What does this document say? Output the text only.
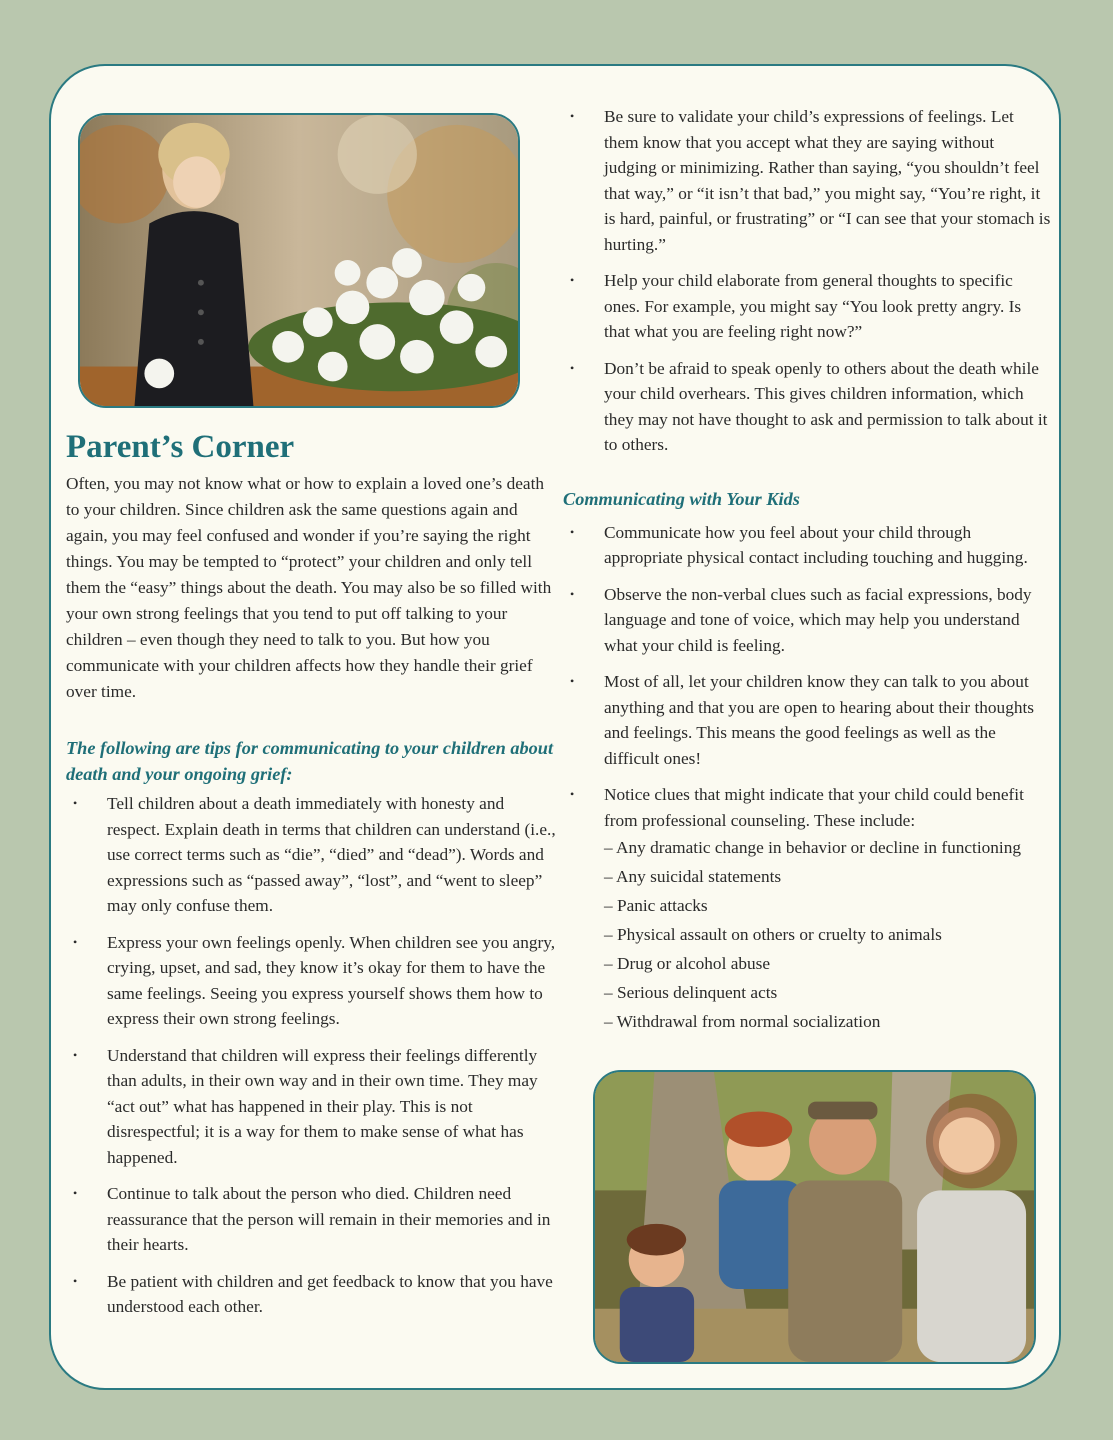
Parent’s Corner

Often, you may not know what or how to explain a loved one’s death to your children. Since children ask the same questions again and again, you may feel confused and wonder if you’re saying the right things. You may be tempted to “protect” your children and only tell them the “easy” things about the death. You may also be so filled with your own strong feelings that you tend to put off talking to your children – even though they need to talk to you. But how you communicate with your children affects how they handle their grief over time.

The following are tips for communicating to your children about death and your ongoing grief:

• Tell children about a death immediately with honesty and respect. Explain death in terms that children can understand (i.e., use correct terms such as “die”, “died” and “dead”). Words and expressions such as “passed away”, “lost”, and “went to sleep” may only confuse them.
• Express your own feelings openly. When children see you angry, crying, upset, and sad, they know it’s okay for them to have the same feelings. Seeing you express yourself shows them how to express their own strong feelings.
• Understand that children will express their feelings differently than adults, in their own way and in their own time. They may “act out” what has happened in their play. This is not disrespectful; it is a way for them to make sense of what has happened.
• Continue to talk about the person who died. Children need reassurance that the person will remain in their memories and in their hearts.
• Be patient with children and get feedback to know that you have understood each other.
• Be sure to validate your child’s expressions of feelings. Let them know that you accept what they are saying without judging or minimizing. Rather than saying, “you shouldn’t feel that way,” or “it isn’t that bad,” you might say, “You’re right, it is hard, painful, or frustrating” or “I can see that your stomach is hurting.”
• Help your child elaborate from general thoughts to specific ones. For example, you might say “You look pretty angry. Is that what you are feeling right now?”
• Don’t be afraid to speak openly to others about the death while your child overhears. This gives children information, which they may not have thought to ask and permission to talk about it to others.

Communicating with Your Kids

• Communicate how you feel about your child through appropriate physical contact including touching and hugging.
• Observe the non-verbal clues such as facial expressions, body language and tone of voice, which may help you understand what your child is feeling.
• Most of all, let your children know they can talk to you about anything and that you are open to hearing about their thoughts and feelings. This means the good feelings as well as the difficult ones!
• Notice clues that might indicate that your child could benefit from professional counseling. These include:
– Any dramatic change in behavior or decline in functioning
– Any suicidal statements
– Panic attacks
– Physical assault on others or cruelty to animals
– Drug or alcohol abuse
– Serious delinquent acts
– Withdrawal from normal socialization
